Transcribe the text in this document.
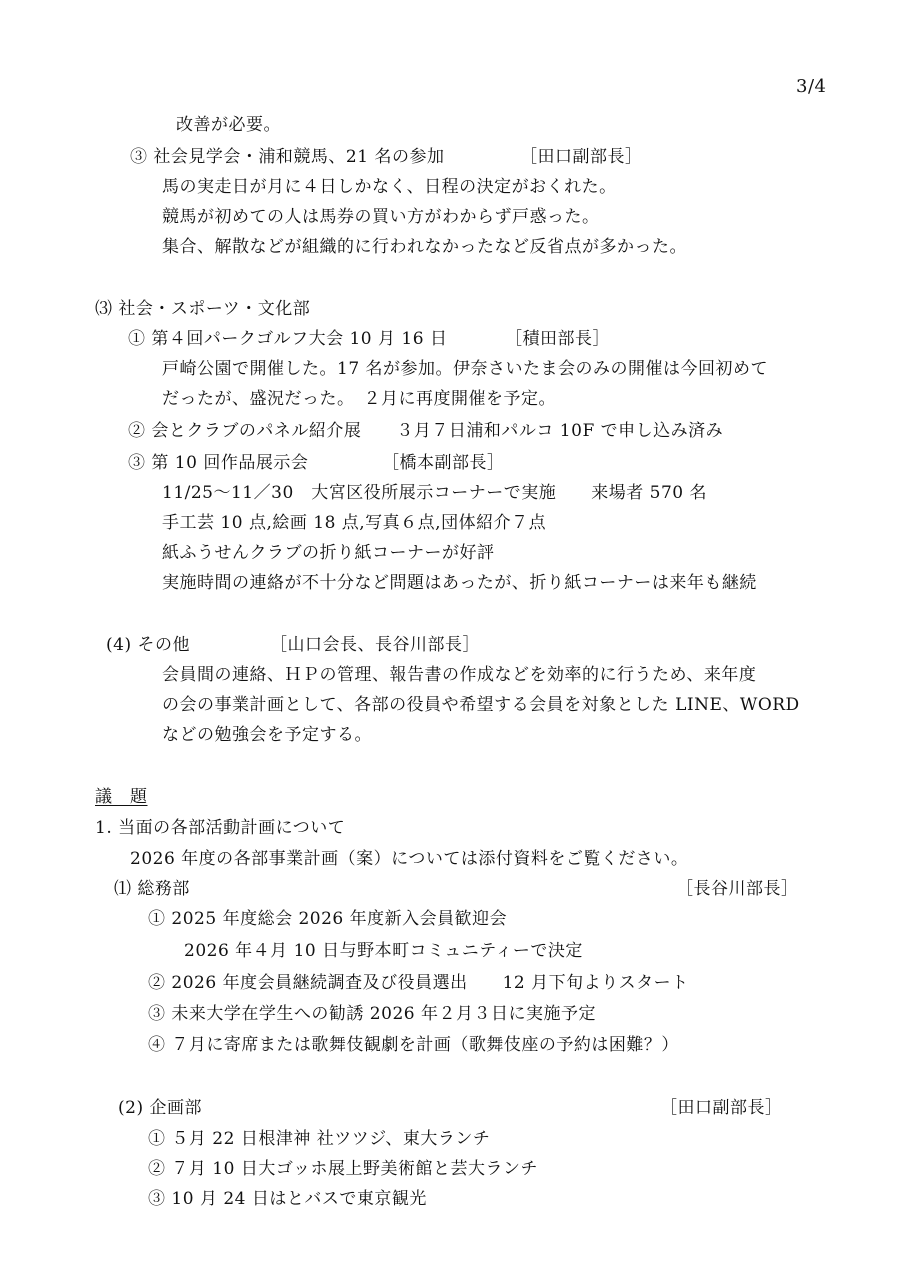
3/4
改善が必要。
③ 社会見学会・浦和競馬、21 名の参加	［田口副部長］
馬の実走日が月に４日しかなく、日程の決定がおくれた。
競馬が初めての人は馬券の買い方がわからず戸惑った。
集合、解散などが組織的に行われなかったなど反省点が多かった。
⑶ 社会・スポーツ・文化部
① 第４回パークゴルフ大会 10 月 16 日	［積田部長］
戸崎公園で開催した。17 名が参加。伊奈さいたま会のみの開催は今回初めて
だったが、盛況だった。　２月に再度開催を予定。
② 会とクラブのパネル紹介展　　３月７日浦和パルコ 10F で申し込み済み
③ 第 10 回作品展示会	［橋本副部長］
11/25～11／30　大宮区役所展示コーナーで実施　　来場者 570 名
手工芸 10 点,絵画 18 点,写真６点,団体紹介７点
紙ふうせんクラブの折り紙コーナーが好評
実施時間の連絡が不十分など問題はあったが、折り紙コーナーは来年も継続
(4) その他	［山口会長、長谷川部長］
会員間の連絡、ＨＰの管理、報告書の作成などを効率的に行うため、来年度
の会の事業計画として、各部の役員や希望する会員を対象とした LINE、WORD
などの勉強会を予定する。
議　題
1. 当面の各部活動計画について
2026 年度の各部事業計画（案）については添付資料をご覧ください。
⑴ 総務部	［長谷川部長］
① 2025 年度総会 2026 年度新入会員歓迎会
2026 年４月 10 日与野本町コミュニティーで決定
② 2026 年度会員継続調査及び役員選出　　12 月下旬よりスタート
③ 未来大学在学生への勧誘 2026 年２月３日に実施予定
④ ７月に寄席または歌舞伎観劇を計画（歌舞伎座の予約は困難？）
(2) 企画部	［田口副部長］
① ５月 22 日根津神 社ツツジ、東大ランチ
② ７月 10 日大ゴッホ展上野美術館と芸大ランチ
③ 10 月 24 日はとバスで東京観光
